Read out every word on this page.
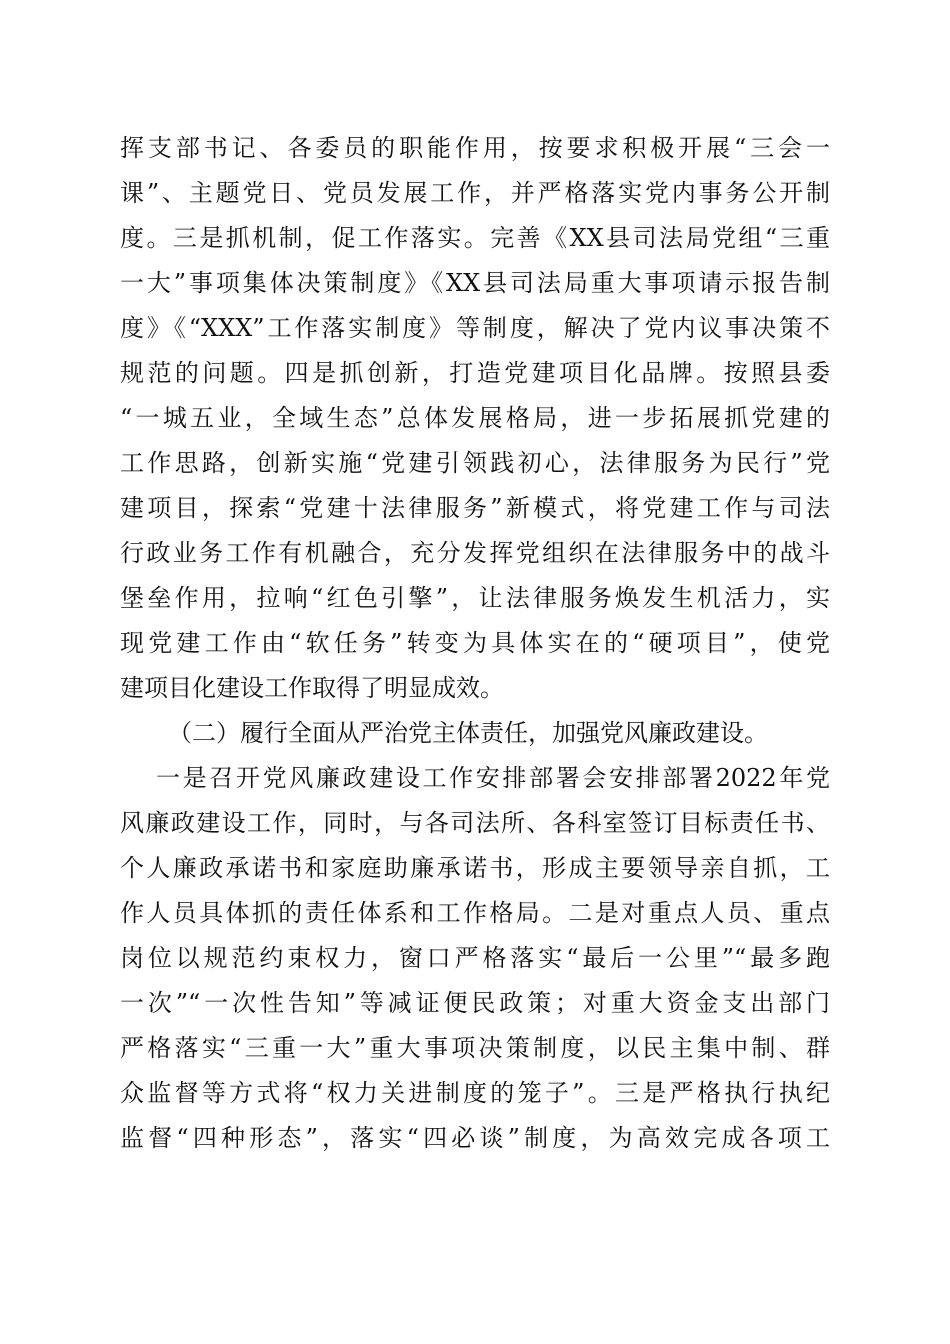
挥支部书记、各委员的职能作用，按要求积极开展“三会一
课”、主题党日、党员发展工作，并严格落实党内事务公开制
度。三是抓机制，促工作落实。完善《XX县司法局党组“三重
一大”事项集体决策制度》《XX县司法局重大事项请示报告制
度》《“XXX”工作落实制度》等制度，解决了党内议事决策不
规范的问题。四是抓创新，打造党建项目化品牌。按照县委
“一城五业，全域生态”总体发展格局，进一步拓展抓党建的
工作思路，创新实施“党建引领践初心，法律服务为民行”党
建项目，探索“党建十法律服务”新模式，将党建工作与司法
行政业务工作有机融合，充分发挥党组织在法律服务中的战斗
堡垒作用，拉响“红色引擎”，让法律服务焕发生机活力，实
现党建工作由“软任务”转变为具体实在的“硬项目”，使党
建项目化建设工作取得了明显成效。
（二）履行全面从严治党主体责任，加强党风廉政建设。
一是召开党风廉政建设工作安排部署会安排部署2022年党
风廉政建设工作，同时，与各司法所、各科室签订目标责任书、
个人廉政承诺书和家庭助廉承诺书，形成主要领导亲自抓，工
作人员具体抓的责任体系和工作格局。二是对重点人员、重点
岗位以规范约束权力，窗口严格落实“最后一公里”“最多跑
一次”“一次性告知”等减证便民政策；对重大资金支出部门
严格落实“三重一大”重大事项决策制度，以民主集中制、群
众监督等方式将“权力关进制度的笼子”。三是严格执行执纪
监督“四种形态”，落实“四必谈”制度，为高效完成各项工
